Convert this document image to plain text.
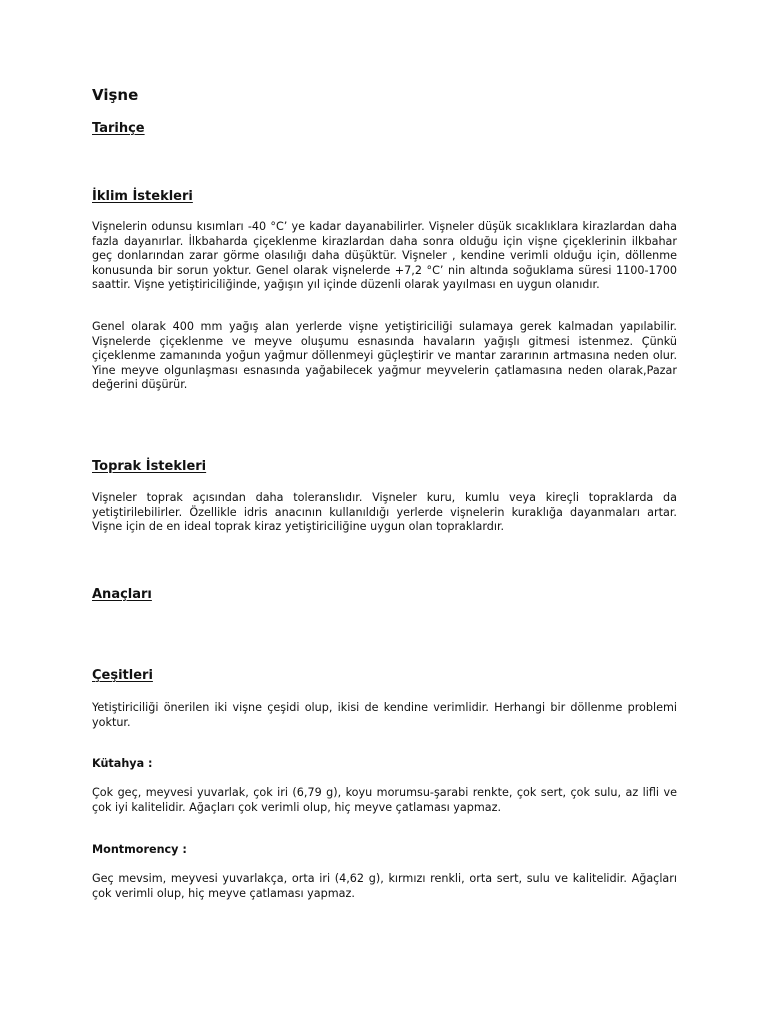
Vişne
Tarihçe
İklim İstekleri

Vişnelerin odunsu kısımları -40 °C’ ye kadar dayanabilirler. Vişneler düşük sıcaklıklara kirazlardan daha fazla dayanırlar. İlkbaharda çiçeklenme kirazlardan daha sonra olduğu için vişne çiçeklerinin ilkbahar geç donlarından zarar görme olasılığı daha düşüktür. Vişneler , kendine verimli olduğu için, döllenme konusunda bir sorun yoktur. Genel olarak vişnelerde +7,2 °C’ nin altında soğuklama süresi 1100-1700 saattir. Vişne yetiştiriciliğinde, yağışın yıl içinde düzenli olarak yayılması en uygun olanıdır.

Genel olarak 400 mm yağış alan yerlerde vişne yetiştiriciliği sulamaya gerek kalmadan yapılabilir. Vişnelerde çiçeklenme ve meyve oluşumu esnasında havaların yağışlı gitmesi istenmez. Çünkü çiçeklenme zamanında yoğun yağmur döllenmeyi güçleştirir ve mantar zararının artmasına neden olur. Yine meyve olgunlaşması esnasında yağabilecek yağmur meyvelerin çatlamasına neden olarak,Pazar değerini düşürür.

Toprak İstekleri

Vişneler toprak açısından daha toleranslıdır. Vişneler kuru, kumlu veya kireçli topraklarda da yetiştirilebilirler. Özellikle idris anacının kullanıldığı yerlerde vişnelerin kuraklığa dayanmaları artar. Vişne için de en ideal toprak kiraz yetiştiriciliğine uygun olan topraklardır.

Anaçları
Çeşitleri

Yetiştiriciliği önerilen iki vişne çeşidi olup, ikisi de kendine verimlidir. Herhangi bir döllenme problemi yoktur.

Kütahya :

Çok geç, meyvesi yuvarlak, çok iri (6,79 g), koyu morumsu-şarabi renkte, çok sert, çok sulu, az lifli ve çok iyi kalitelidir. Ağaçları çok verimli olup, hiç meyve çatlaması yapmaz.

Montmorency :

Geç mevsim, meyvesi yuvarlakça, orta iri (4,62 g), kırmızı renkli, orta sert, sulu ve kalitelidir. Ağaçları çok verimli olup, hiç meyve çatlaması yapmaz.
